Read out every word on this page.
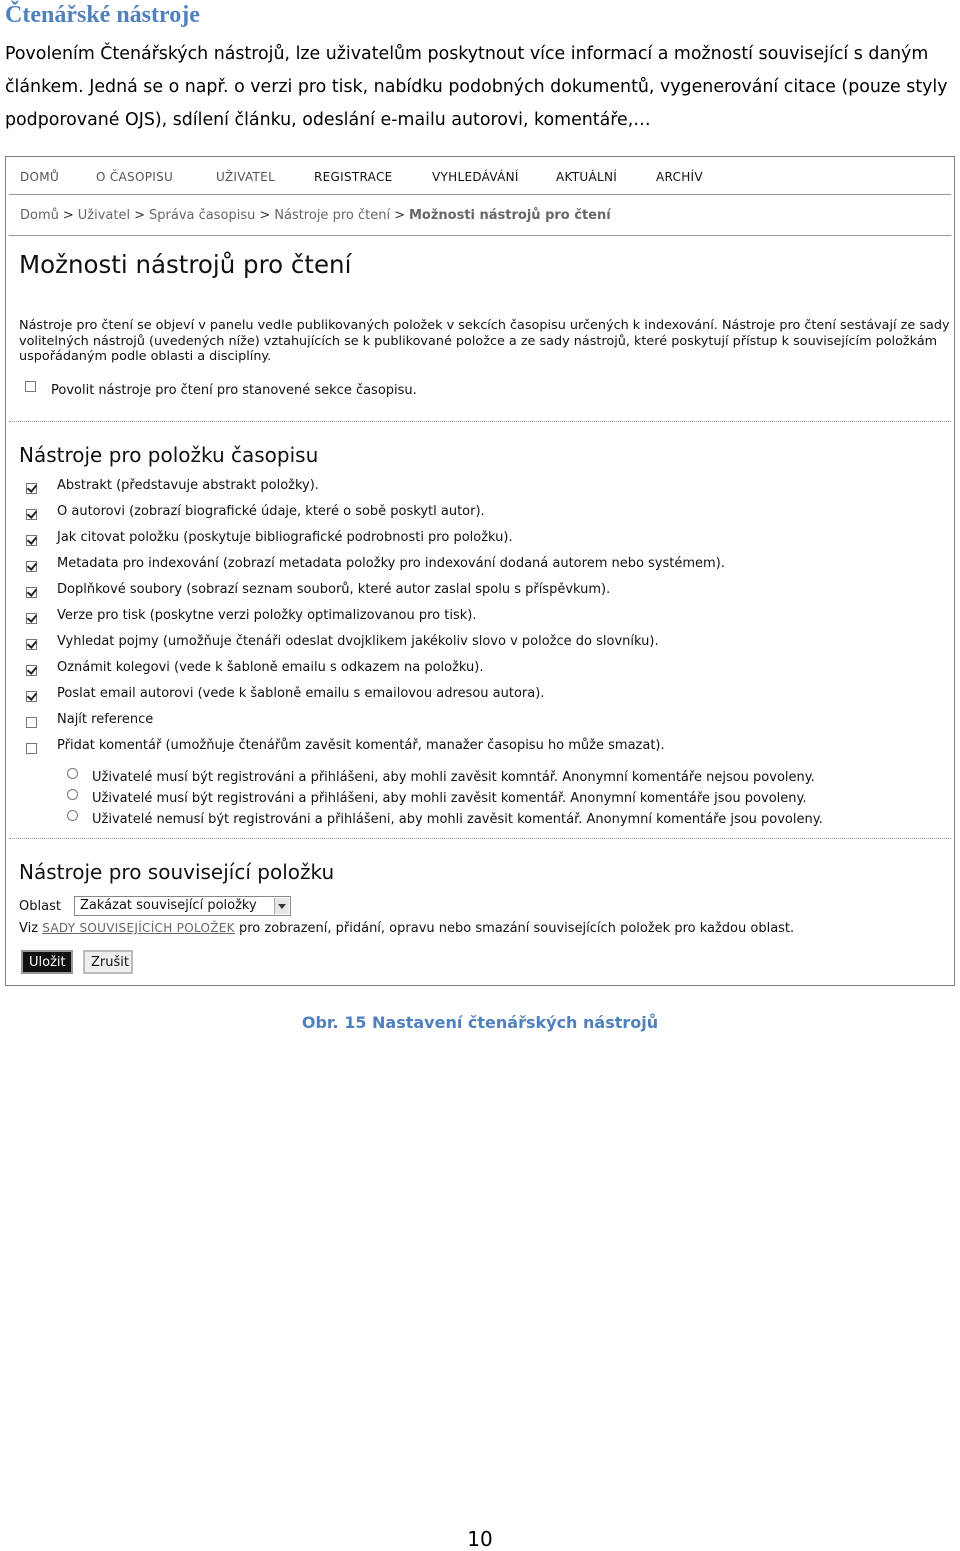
Čtenářské nástroje

Povolením Čtenářských nástrojů, lze uživatelům poskytnout více informací a možností související s daným článkem. Jedná se o např. o verzi pro tisk, nabídku podobných dokumentů, vygenerování citace (pouze styly podporované OJS), sdílení článku, odeslání e-mailu autorovi, komentáře,…

DOMŮ	O ČASOPISU	UŽIVATEL	REGISTRACE	VYHLEDÁVÁNÍ	AKTUÁLNÍ	ARCHÍV
Domů > Uživatel > Správa časopisu > Nástroje pro čtení > Možnosti nástrojů pro čtení
Možnosti nástrojů pro čtení

Nástroje pro čtení se objeví v panelu vedle publikovaných položek v sekcích časopisu určených k indexování. Nástroje pro čtení sestávají ze sady volitelných nástrojů (uvedených níže) vztahujících se k publikované položce a ze sady nástrojů, které poskytují přístup k souvisejícím položkám uspořádaným podle oblasti a disciplíny.

Povolit nástroje pro čtení pro stanovené sekce časopisu.
Nástroje pro položku časopisu
Abstrakt (představuje abstrakt položky).
O autorovi (zobrazí biografické údaje, které o sobě poskytl autor).
Jak citovat položku (poskytuje bibliografické podrobnosti pro položku).
Metadata pro indexování (zobrazí metadata položky pro indexování dodaná autorem nebo systémem).
Doplňkové soubory (sobrazí seznam souborů, které autor zaslal spolu s příspěvkum).
Verze pro tisk (poskytne verzi položky optimalizovanou pro tisk).
Vyhledat pojmy (umožňuje čtenáři odeslat dvojklikem jakékoliv slovo v položce do slovníku).
Oznámit kolegovi (vede k šabloně emailu s odkazem na položku).
Poslat email autorovi (vede k šabloně emailu s emailovou adresou autora).
Najít reference
Přidat komentář (umožňuje čtenářům zavěsit komentář, manažer časopisu ho může smazat).
Uživatelé musí být registrováni a přihlášeni, aby mohli zavěsit komntář. Anonymní komentáře nejsou povoleny.
Uživatelé musí být registrováni a přihlášeni, aby mohli zavěsit komentář. Anonymní komentáře jsou povoleny.
Uživatelé nemusí být registrováni a přihlášeni, aby mohli zavěsit komentář. Anonymní komentáře jsou povoleny.
Nástroje pro související položku
Oblast	Zakázat související položky
Viz SADY SOUVISEJÍCÍCH POLOŽEK pro zobrazení, přidání, opravu nebo smazání souvisejících položek pro každou oblast.
Uložit	Zrušit
Obr. 15 Nastavení čtenářských nástrojů
10
